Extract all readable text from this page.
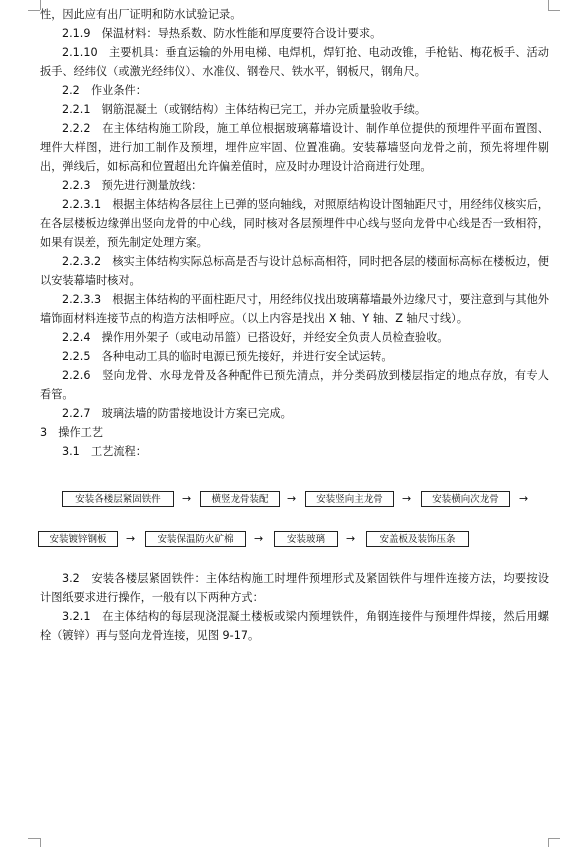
性，因此应有出厂证明和防水试验记录。

2.1.9　保温材料：导热系数、防水性能和厚度要符合设计要求。

2.1.10　主要机具：垂直运输的外用电梯、电焊机，焊钉抢、电动改锥，手枪钻、梅花板手、活动扳手、经纬仪（或激光经纬仪）、水准仪、钢卷尺、铁水平，钢板尺，钢角尺。

2.2　作业条件：

2.2.1　钢筋混凝土（或钢结构）主体结构已完工，并办完质量验收手续。

2.2.2　在主体结构施工阶段，施工单位根据玻璃幕墙设计、制作单位提供的预埋件平面布置图、埋件大样图，进行加工制作及预埋，埋件应牢固、位置准确。安装幕墙竖向龙骨之前，预先将埋件剔出，弹线后，如标高和位置超出允许偏差值时，应及时办理设计洽商进行处理。

2.2.3　预先进行测量放线：

2.2.3.1　根据主体结构各层往上已弹的竖向轴线，对照原结构设计图轴距尺寸，用经纬仪核实后，在各层楼板边缘弹出竖向龙骨的中心线，同时核对各层预埋件中心线与竖向龙骨中心线是否一致相符，如果有误差，预先制定处理方案。

2.2.3.2　核实主体结构实际总标高是否与设计总标高相符，同时把各层的楼面标高标在楼板边，便以安装幕墙时核对。

2.2.3.3　根据主体结构的平面柱距尺寸，用经纬仪找出玻璃幕墙最外边缘尺寸，要注意到与其他外墙饰面材料连接节点的构造方法相呼应。（以上内容是找出 X 轴、Y 轴、Z 轴尺寸线）。

2.2.4　操作用外架子（或电动吊篮）已搭设好，并经安全负责人员检查验收。

2.2.5　各种电动工具的临时电源已预先接好，并进行安全试运转。

2.2.6　竖向龙骨、水母龙骨及各种配件已预先清点，并分类码放到楼层指定的地点存放，有专人看管。

2.2.7　玻璃法墙的防雷接地设计方案已完成。

3　操作工艺

3.1　工艺流程：

安装各楼层紧固铁件	→	横竖龙骨装配	→	安装竖向主龙骨	→	安装横向次龙骨	→
安装镀锌钢板	→	安装保温防火矿棉	→	安装玻璃	→	安盖板及装饰压条

3.2　安装各楼层紧固铁件：主体结构施工时埋件预埋形式及紧固铁件与埋件连接方法，均要按设计图纸要求进行操作，一般有以下两种方式：

3.2.1　在主体结构的每层现浇混凝土楼板或梁内预埋铁件，角钢连接件与预埋件焊接，然后用螺栓（镀锌）再与竖向龙骨连接，见图 9-17。
